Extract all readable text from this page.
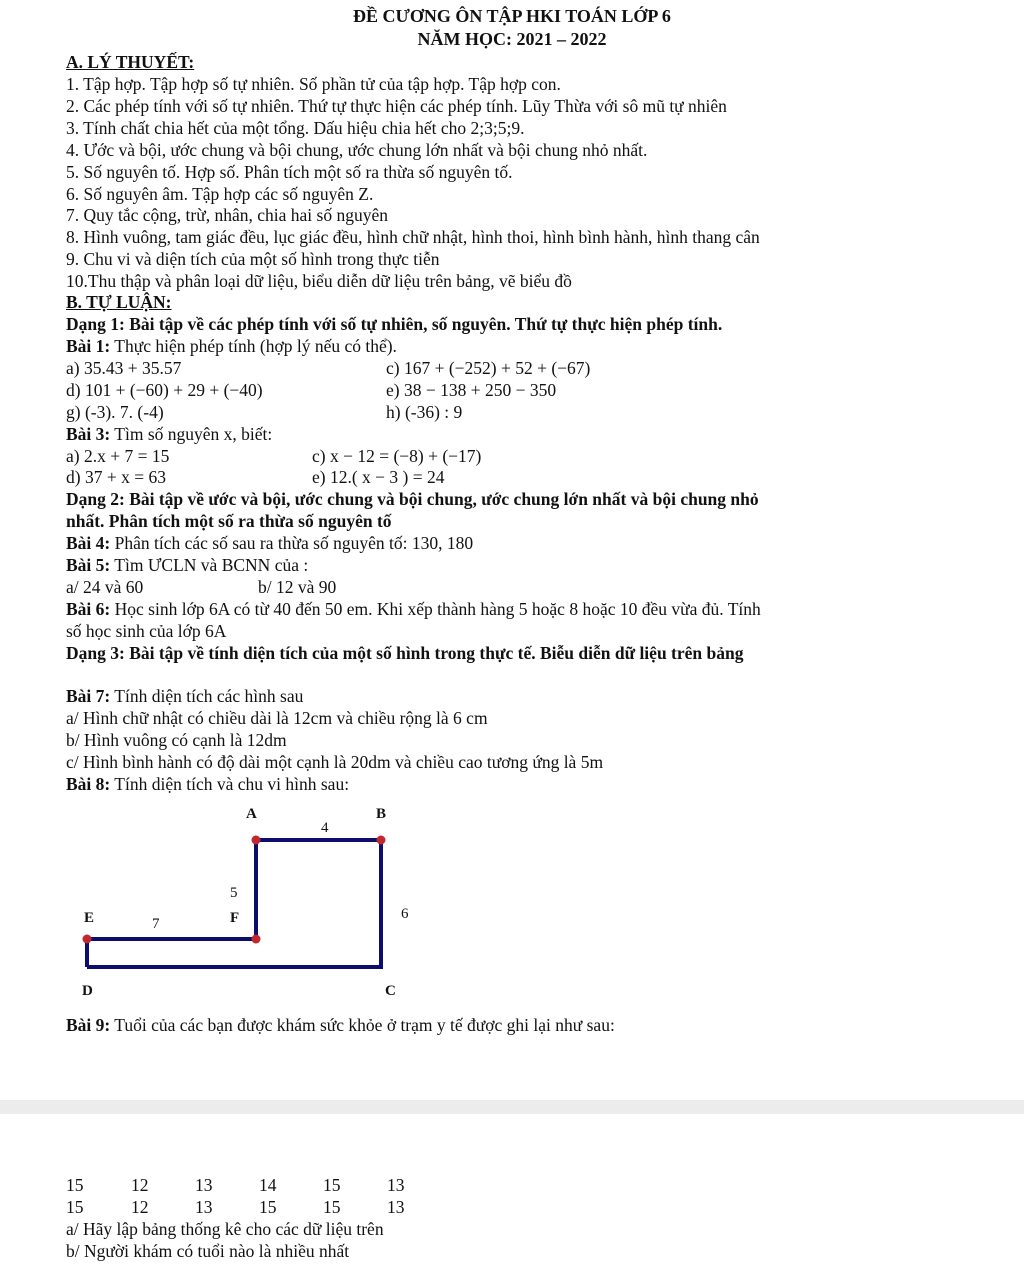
ĐỀ CƯƠNG ÔN TẬP HKI TOÁN LỚP 6
NĂM HỌC: 2021 – 2022
A. LÝ THUYẾT:
1. Tập hợp. Tập hợp số tự nhiên. Số phần tử của tập hợp. Tập hợp con.
2. Các phép tính với số tự nhiên. Thứ tự thực hiện các phép tính. Lũy Thừa với sô mũ tự nhiên
3. Tính chất chia hết của một tổng. Dấu hiệu chia hết cho 2;3;5;9.
4. Ước và bội, ước chung và bội chung, ước chung lớn nhất và bội chung nhỏ nhất.
5. Số nguyên tố. Hợp số. Phân tích một số ra thừa số nguyên tố.
6. Số nguyên âm. Tập hợp các số nguyên Z.
7. Quy tắc cộng, trừ, nhân, chia hai số nguyên
8. Hình vuông, tam giác đều, lục giác đều, hình chữ nhật, hình thoi, hình bình hành, hình thang cân
9. Chu vi và diện tích của một số hình trong thực tiễn
10.Thu thập và phân loại dữ liệu, biểu diễn dữ liệu trên bảng, vẽ biểu đồ
B. TỰ LUẬN:
Dạng 1: Bài tập về các phép tính với số tự nhiên, số nguyên. Thứ tự thực hiện phép tính.
Bài 1: Thực hiện phép tính (hợp lý nếu có thể).
a) 35.43 + 35.57	c) 167 + (−252) + 52 + (−67)
d) 101 + (−60) + 29 + (−40)	e) 38 − 138 + 250 − 350
g) (-3). 7. (-4)	h) (-36) : 9
Bài 3: Tìm số nguyên x, biết:
a) 2.x + 7 = 15	c) x − 12 = (−8) + (−17)
d) 37 + x = 63	e) 12.( x − 3 ) = 24
Dạng 2: Bài tập về ước và bội, ước chung và bội chung, ước chung lớn nhất và bội chung nhỏ
nhất. Phân tích một số ra thừa số nguyên tố
Bài 4: Phân tích các số sau ra thừa số nguyên tố: 130, 180
Bài 5: Tìm ƯCLN và BCNN của :
a/ 24 và 60	b/ 12 và 90
Bài 6: Học sinh lớp 6A có từ 40 đến 50 em. Khi xếp thành hàng 5 hoặc 8 hoặc 10 đều vừa đủ. Tính
số học sinh của lớp 6A
Dạng 3: Bài tập về tính diện tích của một số hình trong thực tế. Biễu diễn dữ liệu trên bảng
Bài 7: Tính diện tích các hình sau
a/ Hình chữ nhật có chiều dài là 12cm và chiều rộng là 6 cm
b/ Hình vuông có cạnh là 12dm
c/ Hình bình hành có độ dài một cạnh là 20dm và chiều cao tương ứng là 5m
Bài 8: Tính diện tích và chu vi hình sau:
A	B
C
D
E	F
4
5
7
6
Bài 9: Tuổi của các bạn được khám sức khỏe ở trạm y tế được ghi lại như sau:
15	12	13	14	15	13
15	12	13	15	15	13
a/ Hãy lập bảng thống kê cho các dữ liệu trên
b/ Người khám có tuổi nào là nhiều nhất
